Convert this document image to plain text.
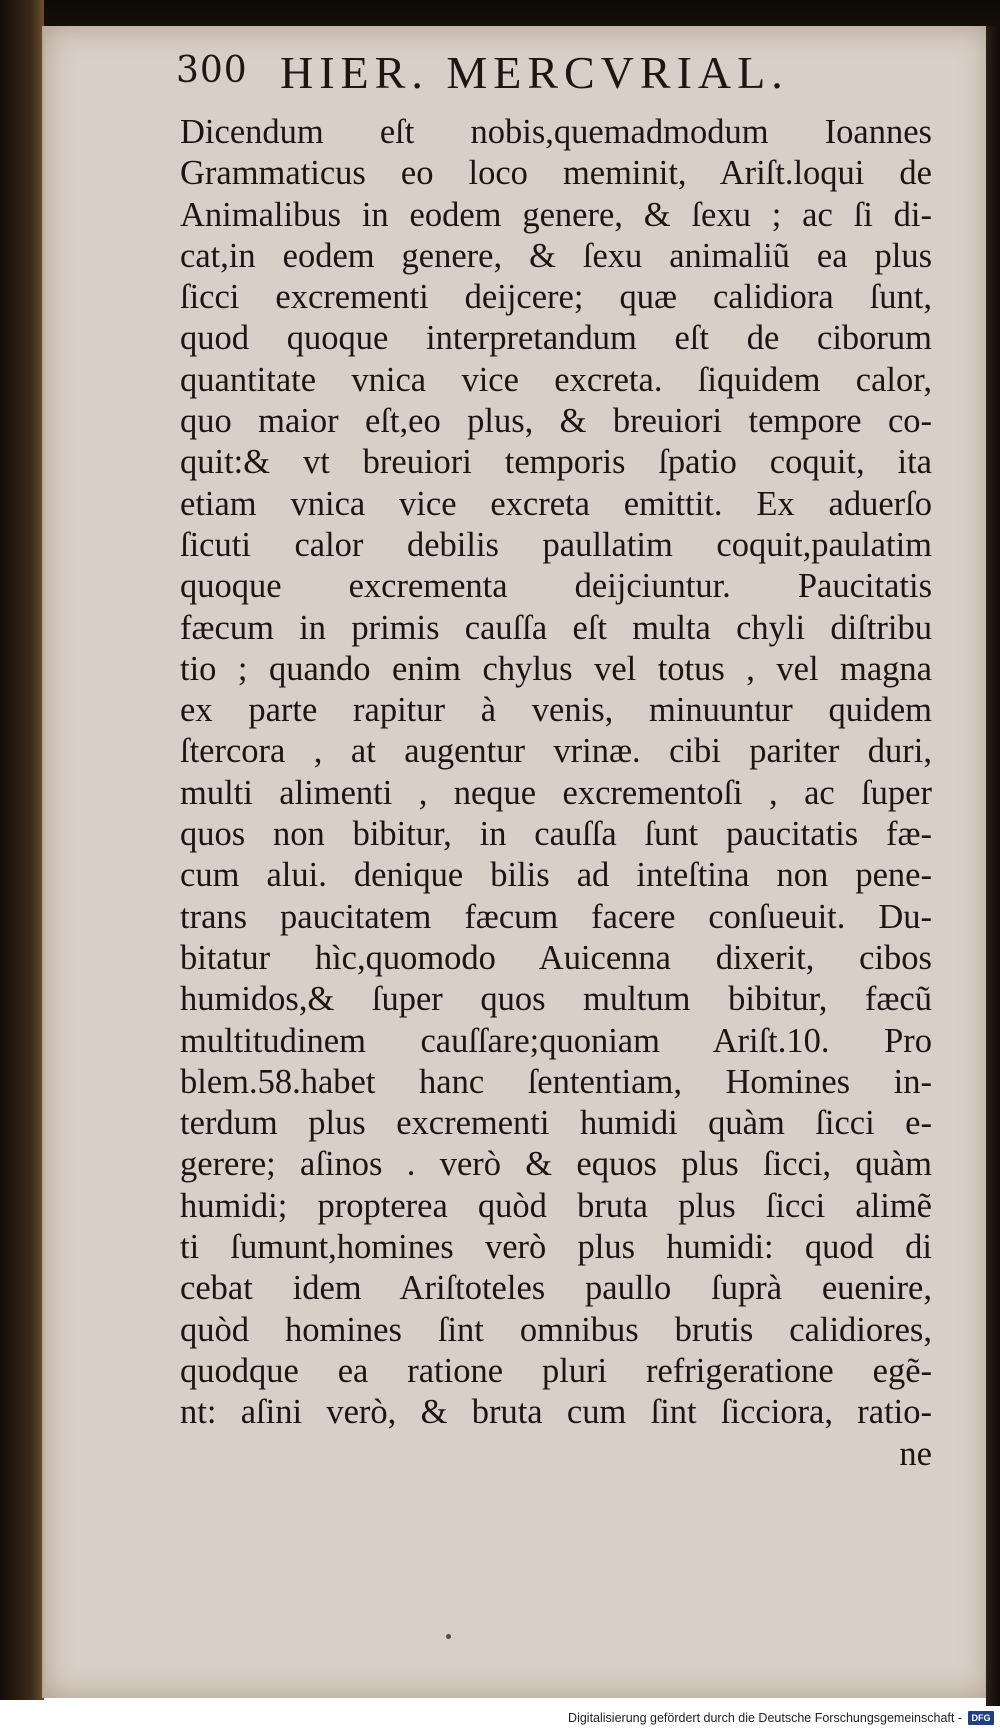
300 HIER. MERCVRIAL.
Dicendum eſt nobis,quemadmodum Ioannes
Grammaticus eo loco meminit, Ariſt.loqui de
Animalibus in eodem genere, & ſexu ; ac ſi di-
cat,in eodem genere, & ſexu animaliũ ea plus
ſicci excrementi deijcere; quæ calidiora ſunt,
quod quoque interpretandum eſt de ciborum
quantitate vnica vice excreta. ſiquidem calor,
quo maior eſt,eo plus, & breuiori tempore co-
quit:& vt breuiori temporis ſpatio coquit, ita
etiam vnica vice excreta emittit. Ex aduerſo
ſicuti calor debilis paullatim coquit,paulatim
quoque excrementa deijciuntur. Paucitatis
fæcum in primis cauſſa eſt multa chyli diſtribu
tio ; quando enim chylus vel totus , vel magna
ex parte rapitur à venis, minuuntur quidem
ſtercora , at augentur vrinæ. cibi pariter duri,
multi alimenti , neque excrementoſi , ac ſuper
quos non bibitur, in cauſſa ſunt paucitatis fæ-
cum alui. denique bilis ad inteſtina non pene-
trans paucitatem fæcum facere conſueuit. Du-
bitatur hìc,quomodo Auicenna dixerit, cibos
humidos,& ſuper quos multum bibitur, fæcũ
multitudinem cauſſare;quoniam Ariſt.10. Pro
blem.58.habet hanc ſententiam, Homines in-
terdum plus excrementi humidi quàm ſicci e-
gerere; aſinos . verò & equos plus ſicci, quàm
humidi; propterea quòd bruta plus ſicci alimẽ
ti ſumunt,homines verò plus humidi: quod di
cebat idem Ariſtoteles paullo ſuprà euenire,
quòd homines ſint omnibus brutis calidiores,
quodque ea ratione pluri refrigeratione egẽ-
nt: aſini verò, & bruta cum ſint ſicciora, ratio-
ne
Digitalisierung gefördert durch die Deutsche Forschungsgemeinschaft -	DFG
